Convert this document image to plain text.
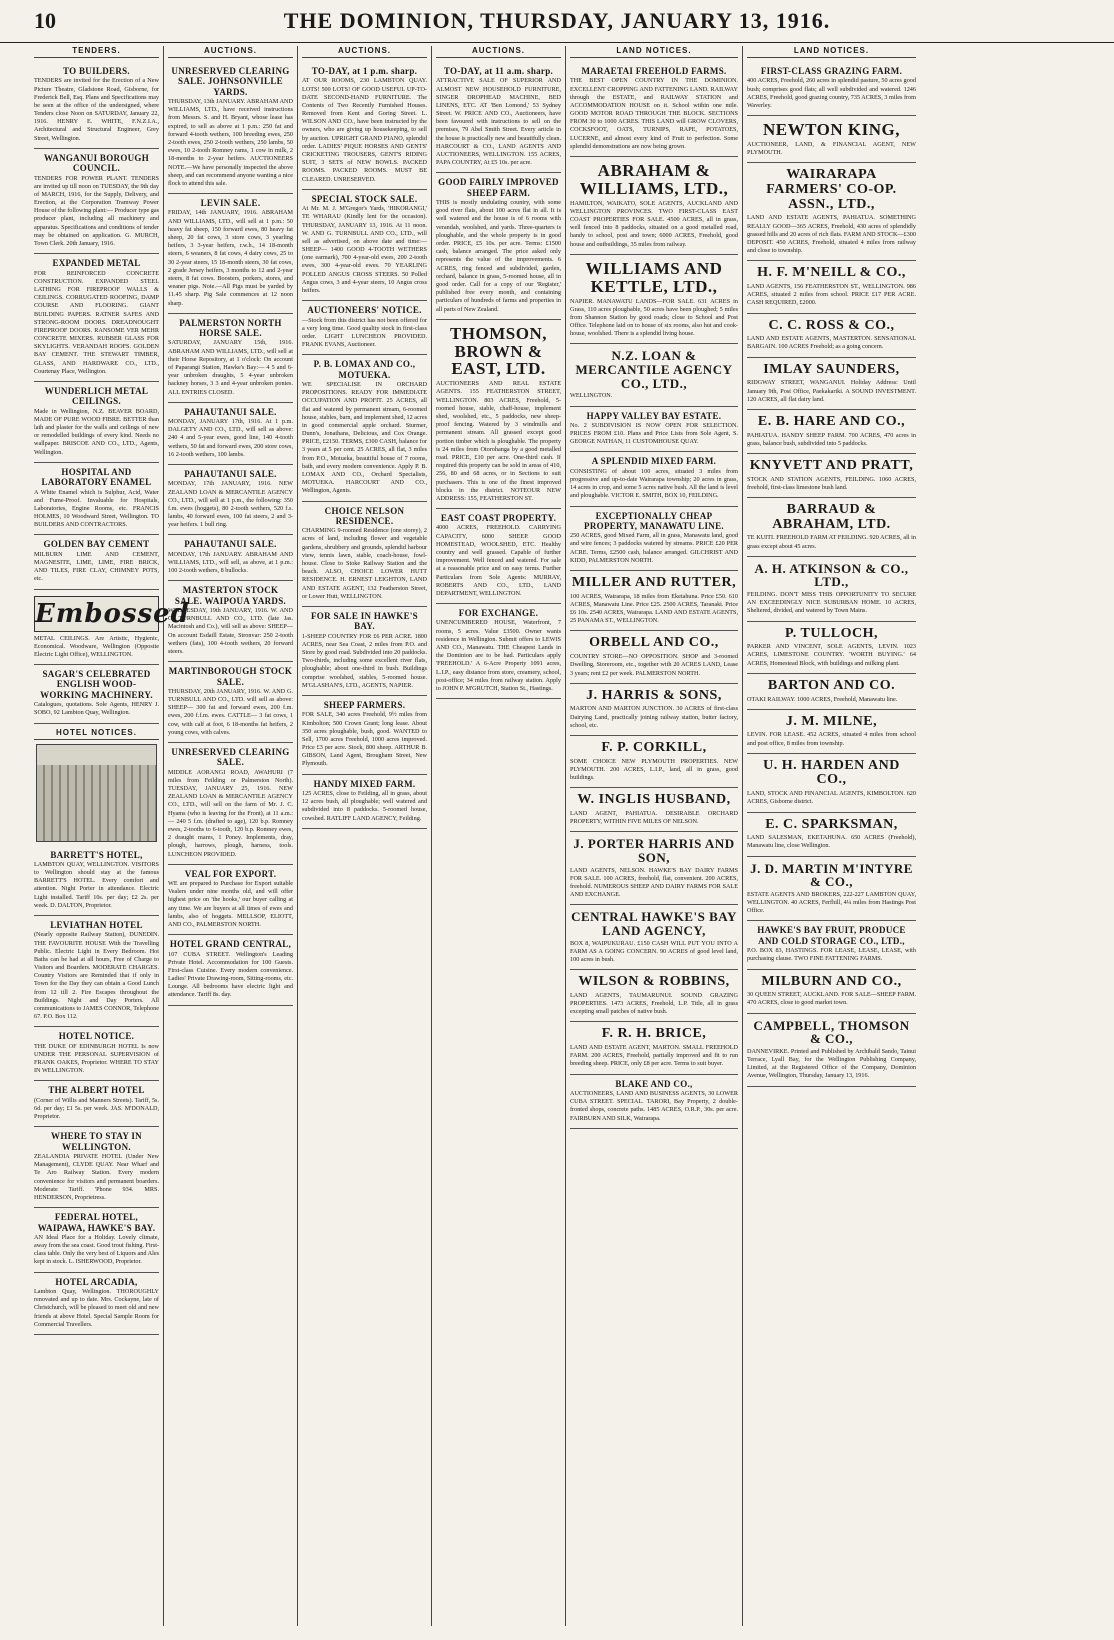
10	THE DOMINION, THURSDAY, JANUARY 13, 1916.
TENDERS.
TO BUILDERS.

TENDERS are invited for the Erection of a New Picture Theatre, Gladstone Road, Gisborne, for Frederick Bell, Esq. Plans and Specifications may be seen at the office of the undersigned, where Tenders close Noon on SATURDAY, January 22, 1916. HENRY E. WHITE, F.N.Z.I.A., Architectural and Structural Engineer, Grey Street, Wellington.

WANGANUI BOROUGH COUNCIL.

TENDERS FOR POWER PLANT. TENDERS are invited up till noon on TUESDAY, the 9th day of MARCH, 1916, for the Supply, Delivery, and Erection, at the Corporation Tramway Power House of the following plant:— Producer type gas producer plant, including all machinery and apparatus. Specifications and conditions of tender may be obtained on application. G. MURCH, Town Clerk. 20th January, 1916.

EXPANDED METAL

FOR REINFORCED CONCRETE CONSTRUCTION. EXPANDED STEEL LATHING FOR FIREPROOF WALLS & CEILINGS. CORRUGATED ROOFING, DAMP COURSE AND FLOORING. GIANT BUILDING PAPERS. RATNER SAFES AND STRONG-ROOM DOORS. DREADNOUGHT FIREPROOF DOORS. RANSOME VER MEHR CONCRETE MIXERS. RUBBER GLASS FOR SKYLIGHTS. VERANDAH ROOFS. GOLDEN BAY CEMENT. THE STEWART TIMBER, GLASS, AND HARDWARE CO., LTD., Courtenay Place, Wellington.

WUNDERLICH METAL CEILINGS.

Made in Wellington, N.Z. BEAVER BOARD, MADE OF PURE WOOD FIBRE. BETTER than lath and plaster for the walls and ceilings of new or remodelled buildings of every kind. Needs no wallpaper. BRISCOE AND CO., LTD., Agents, Wellington.

HOSPITAL AND LABORATORY ENAMEL

A White Enamel which is Sulphur, Acid, Water and Fume-Proof. Invaluable for Hospitals, Laboratories, Engine Rooms, etc. FRANCIS HOLMES, 10 Woodward Street, Wellington. TO BUILDERS AND CONTRACTORS.

GOLDEN BAY CEMENT

MILBURN LIME AND CEMENT, MAGNESITE, LIME, LIME, FIRE BRICK, AND TILES, FIRE CLAY, CHIMNEY POTS, etc.

Embossed

METAL CEILINGS. Are Artistic, Hygienic, Economical. Woodware, Wellington (Opposite Electric Light Office), WELLINGTON.

SAGAR'S CELEBRATED ENGLISH WOOD-WORKING MACHINERY.

Catalogues, quotations. Sole Agents, HENRY J. SOBO, 92 Lambton Quay, Wellington.

HOTEL NOTICES.
BARRETT'S HOTEL,

LAMBTON QUAY, WELLINGTON. VISITORS to Wellington should stay at the famous BARRETT'S HOTEL. Every comfort and attention. Night Porter in attendance. Electric Light installed. Tariff 10s. per day; £2 2s. per week. D. DALTON, Proprietor.

LEVIATHAN HOTEL

(Nearly opposite Railway Station), DUNEDIN. THE FAVOURITE HOUSE With the Travelling Public. Electric Light in Every Bedroom. Hot Baths can be had at all hours, Free of Charge to Visitors and Boarders. MODERATE CHARGES. Country Visitors are Reminded that if only in Town for the Day they can obtain a Good Lunch from 12 till 2. Fire Escapes throughout the Buildings. Night and Day Porters. All communications to JAMES CONNOR, Telephone 67. P.O. Box 112.

HOTEL NOTICE.

THE DUKE OF EDINBURGH HOTEL Is now UNDER THE PERSONAL SUPERVISION of FRANK OAKES, Proprietor. WHERE TO STAY IN WELLINGTON.

THE ALBERT HOTEL

(Corner of Willis and Manners Streets). Tariff, 5s. 6d. per day; £1 5s. per week. JAS. M'DONALD, Proprietor.

WHERE TO STAY IN WELLINGTON.

ZEALANDIA PRIVATE HOTEL (Under New Management), CLYDE QUAY. Near Wharf and Te Aro Railway Station. Every modern convenience for visitors and permanent boarders. Moderate Tariff. 'Phone 934. MRS. HENDERSON, Proprietress.

FEDERAL HOTEL, WAIPAWA, HAWKE'S BAY.

AN Ideal Place for a Holiday. Lovely climate, away from the sea coast. Good trout fishing. First-class table. Only the very best of Liquors and Ales kept in stock. L. ISHERWOOD, Proprietor.

HOTEL ARCADIA,

Lambton Quay, Wellington. THOROUGHLY renovated and up to date. Mrs. Cockayne, late of Christchurch, will be pleased to meet old and new friends at above Hotel. Special Sample Room for Commercial Travellers.

AUCTIONS.
UNRESERVED CLEARING SALE. JOHNSONVILLE YARDS.

THURSDAY, 13th JANUARY. ABRAHAM AND WILLIAMS, LTD., have received instructions from Messrs. S. and H. Bryant, whose lease has expired, to sell as above at 1 p.m.: 250 fat and forward 4-tooth wethers, 100 breeding ewes, 250 2-tooth ewes, 250 2-tooth wethers, 250 lambs, 50 ewes, 10 2-tooth Romney rams, 1 cow in milk, 2 18-months to 2-year heifers. AUCTIONEERS NOTE.—We have personally inspected the above sheep, and can recommend anyone wanting a nice flock to attend this sale.

LEVIN SALE.

FRIDAY, 14th JANUARY, 1916. ABRAHAM AND WILLIAMS, LTD., will sell at 1 p.m.: 50 heavy fat sheep, 150 forward ewes, 80 heavy fat sheep, 20 fat cows, 3 store cows, 3 yearling heifers, 3 3-year heifers, r.w.h., 14 18-month steers, 6 weaners, 8 fat cows, 4 dairy cows, 25 to 30 2-year steers, 15 18-month steers, 30 fat cows, 2 grade Jersey heifers, 3 months to 12 and 2-year steers, 8 fat cows. Boosters, porkers, stores, and weaner pigs. Note.—All Pigs must be yarded by 11.45 sharp. Pig Sale commences at 12 noon sharp.

PALMERSTON NORTH HORSE SALE.

SATURDAY, JANUARY 15th, 1916. ABRAHAM AND WILLIAMS, LTD., will sell at their Horse Repository, at 1 o'clock: On account of Paparangi Station, Hawke's Bay:— 4 5 and 6-year unbroken draughts, 5 4-year unbroken hackney horses, 3 3 and 4-year unbroken ponies. ALL ENTRIES CLOSED.

PAHAUTANUI SALE.

MONDAY, JANUARY 17th, 1916. At 1 p.m. DALGETY AND CO., LTD., will sell as above: 240 4 and 5-year ewes, good line, 140 4-tooth wethers, 50 fat and forward ewes, 200 store cows, 16 2-tooth wethers, 100 lambs.

PAHAUTANUI SALE.

MONDAY, 17th JANUARY, 1916. NEW ZEALAND LOAN & MERCANTILE AGENCY CO., LTD., will sell at 1 p.m., the following: 350 f.m. ewes (hoggets), 80 2-tooth wethers, 520 f.s. lambs, 40 forward ewes, 100 fat steers, 2 and 3-year heifers. 1 bull ring.

PAHAUTANUI SALE.

MONDAY, 17th JANUARY. ABRAHAM AND WILLIAMS, LTD., will sell, as above, at 1 p.m.: 100 2-tooth wethers, 8 bullocks.

MASTERTON STOCK SALE. WAIPOUA YARDS.

WEDNESDAY, 19th JANUARY, 1916. W. AND G. TURNBULL AND CO., LTD. (late Jas. Macintosh and Co.), will sell as above: SHEEP— On account Esdaill Estate, Stronvar: 250 2-tooth wethers (fats), 100 4-tooth wethers, 20 forward steers.

MARTINBOROUGH STOCK SALE.

THURSDAY, 20th JANUARY, 1916. W. AND G. TURNBULL AND CO., LTD. will sell as above: SHEEP— 300 fat and forward ewes, 200 f.m. ewes, 200 f.f.m. ewes. CATTLE— 3 fat cows, 1 cow, with calf at foot, 6 18-months fat heifers, 2 young cows, with calves.

UNRESERVED CLEARING SALE.

MIDDLE AORANGI ROAD, AWAHURI (7 miles from Feilding or Palmerston North). TUESDAY, JANUARY 25, 1916. NEW ZEALAND LOAN & MERCANTILE AGENCY CO., LTD., will sell on the farm of Mr. J. C. Hyams (who is leaving for the Front), at 11 a.m.:— 240 5 f.m. (drafted to age), 120 b.p. Romney ewes, 2-tooths to 6-tooth, 120 b.p. Romney ewes, 2 draught mares, 1 Poney. Implements, dray, plough, harrows, plough, harness, tools. LUNCHEON PROVIDED.

VEAL FOR EXPORT.

WE are prepared to Purchase for Export suitable Vealers under nine months old, and will offer highest price on 'the hooks,' our buyer calling at any time. We are buyers at all times of ewes and lambs, also of hoggets. MELLSOP, ELIOTT, AND CO., PALMERSTON NORTH.

HOTEL GRAND CENTRAL,

107 CUBA STREET. Wellington's Leading Private Hotel. Accommodation for 100 Guests. First-class Cuisine. Every modern convenience. Ladies' Private Drawing-room, Sitting-rooms, etc. Lounge. All bedrooms have electric light and attendance. Tariff 8s. day.

AUCTIONS.
TO-DAY, at 1 p.m. sharp.

AT OUR ROOMS, 230 LAMBTON QUAY. LOTS! 500 LOTS! OF GOOD USEFUL UP-TO-DATE SECOND-HAND FURNITURE. The Contents of Two Recently Furnished Houses. Removed from Kent and Goring Street. L. WILSON AND CO., have been instructed by the owners, who are giving up housekeeping, to sell by auction. UPRIGHT GRAND PIANO, splendid order. LADIES' PIQUE HORSES AND GENTS' CRICKETING TROUSERS, GENT'S RIDING SUIT, 3 SETS of NEW BOWLS. PACKED ROOMS. PACKED ROOMS. MUST BE CLEARED. UNRESERVED.

SPECIAL STOCK SALE.

At Mr. M. J. M'Gregor's Yards, 'HIKORANGI,' TE WHARAU (Kindly lent for the occasion). THURSDAY, JANUARY 13, 1916. At 11 noon. W. AND G. TURNBULL AND CO., LTD., will sell as advertised, on above date and time:— SHEEP— 1400 GOOD 4-TOOTH WETHERS (one earmark), 700 4-year-old ewes, 200 2-tooth ewes, 300 4-year-old ewes. 70 YEARLING POLLED ANGUS CROSS STEERS. 50 Polled Angus cows, 3 and 4-year steers, 10 Angus cross heifers.

AUCTIONEERS' NOTICE.

—Stock from this district has not been offered for a very long time. Good quality stock in first-class order. LIGHT LUNCHEON PROVIDED. FRANK EVANS, Auctioneer.

P. B. LOMAX AND CO., MOTUEKA.

WE SPECIALISE IN ORCHARD PROPOSITIONS. READY FOR IMMEDIATE OCCUPATION AND PROFIT. 25 ACRES, all flat and watered by permanent stream, 6-roomed house, stables, barn, and implement shed, 12 acres in good commercial apple orchard. Sturmer, Dunn's, Jonathans, Delicious, and Cox Orange. PRICE, £2150. TERMS, £300 CASH, balance for 3 years at 5 per cent. 25 ACRES, all flat, 3 miles from P.O., Motueka, beautiful house of 7 rooms, bath, and every modern convenience. Apply P. B. LOMAX AND CO., Orchard Specialists, MOTUEKA. HARCOURT AND CO., Wellington, Agents.

CHOICE NELSON RESIDENCE.

CHARMING 9-roomed Residence (one storey), 2 acres of land, including flower and vegetable gardens, shrubbery and grounds, splendid harbour view, tennis lawn, stable, coach-house, fowl-house. Close to Stoke Railway Station and the beach. ALSO, CHOICE LOWER HUTT RESIDENCE. H. ERNEST LEIGHTON, LAND AND ESTATE AGENT, 132 Featherston Street, or Lower Hutt, WELLINGTON.

FOR SALE IN HAWKE'S BAY.

1-SHEEP COUNTRY FOR £6 PER ACRE. 1800 ACRES, near Sea Coast, 2 miles from P.O. and Store by good road. Subdivided into 20 paddocks. Two-thirds, including some excellent river flats, ploughable; about one-third in bush. Buildings comprise woolshed, stables, 5-roomed house. M'GLASHAN'S, LTD., AGENTS, NAPIER.

SHEEP FARMERS.

FOR SALE, 340 acres Freehold, 9½ miles from Kimbolton; 500 Crown Grant; long lease. About 350 acres ploughable, bush, good. WANTED to Sell, 1700 acres Freehold, 1000 acres improved. Price £3 per acre. Stock, 800 sheep. ARTHUR B. GIBSON, Land Agent, Brougham Street, New Plymouth.

HANDY MIXED FARM.

125 ACRES, close to Feilding, all in grass, about 12 acres bush, all ploughable; well watered and subdivided into 8 paddocks. 5-roomed house, cowshed. RATLIFF LAND AGENCY, Feilding.

AUCTIONS.
TO-DAY, at 11 a.m. sharp.

ATTRACTIVE SALE OF SUPERIOR AND ALMOST NEW HOUSEHOLD FURNITURE, SINGER DROPHEAD MACHINE, BED LINENS, ETC. AT 'Ben Lomond,' 53 Sydney Street. W. PRICE AND CO., Auctioneers, have been favoured with instructions to sell on the premises, 79 Abel Smith Street. Every article in the house is practically new and beautifully clean. HARCOURT & CO., LAND AGENTS AND AUCTIONEERS, WELLINGTON. 155 ACRES, PAPA COUNTRY, At £5 10s. per acre.

GOOD FAIRLY IMPROVED SHEEP FARM.

THIS is mostly undulating country, with some good river flats, about 100 acres flat in all. It is well watered and the house is of 6 rooms with verandah, woolshed, and yards. Three-quarters is ploughable, and the whole property is in good order. PRICE, £5 10s. per acre. Terms: £1500 cash, balance arranged. The price asked only represents the value of the improvements. 6 ACRES, ring fenced and subdivided, garden, orchard, balance in grass, 5-roomed house, all in good order. Call for a copy of our 'Register,' published free every month, and containing particulars of hundreds of farms and properties in all parts of New Zealand.

THOMSON, BROWN & EAST, LTD.

AUCTIONEERS AND REAL ESTATE AGENTS. 155 FEATHERSTON STREET, WELLINGTON. 803 ACRES, Freehold, 5-roomed house, stable, chaff-house, implement shed, woolshed, etc., 5 paddocks, new sheep-proof fencing. Watered by 3 windmills and permanent stream. All grassed except good portion timber which is ploughable. The property is 24 miles from Otorohanga by a good metalled road. PRICE, £10 per acre. One-third cash. If required this property can be sold in areas of 410, 256, 80 and 68 acres, or in Sections to suit purchasers. This is one of the finest improved blocks in the district. NOTEOUR NEW ADDRESS: 155, FEATHERSTON ST.

EAST COAST PROPERTY.

4000 ACRES, FREEHOLD. CARRYING CAPACITY, 6000 SHEEP. GOOD HOMESTEAD, WOOLSHED, ETC. Healthy country and well grassed. Capable of further improvement. Well fenced and watered. For sale at a reasonable price and on easy terms. Further Particulars from Sole Agents: MURRAY, ROBERTS AND CO., LTD., LAND DEPARTMENT, WELLINGTON.

FOR EXCHANGE.

UNENCUMBERED HOUSE, Waterfront, 7 rooms, 5 acres. Value £3500. Owner wants residence in Wellington. Submit offers to LEWIS AND CO., Manawatu. THE Cheapest Lands in the Dominion are to be had. Particulars apply 'FREEHOLD.' A 6-Acre Property 1091 acres, L.I.P., easy distance from store, creamery, school, post-office; 34 miles from railway station. Apply to JOHN P. M'GRUTCH, Station St., Hastings.

LAND NOTICES.
MARAETAI FREEHOLD FARMS.

THE BEST OPEN COUNTRY IN THE DOMINION. EXCELLENT CROPPING AND FATTENING LAND. RAILWAY through the ESTATE, and RAILWAY STATION and ACCOMMODATION HOUSE on it. School within one mile. GOOD MOTOR ROAD THROUGH THE BLOCK. SECTIONS FROM 30 to 1000 ACRES. THIS LAND will GROW CLOVERS, COCKSFOOT, OATS, TURNIPS, RAPE, POTATOES, LUCERNE, and almost every kind of Fruit to perfection. Some splendid demonstrations are now being grown.

ABRAHAM & WILLIAMS, LTD.,

HAMILTON, WAIKATO, SOLE AGENTS, AUCKLAND AND WELLINGTON PROVINCES. TWO FIRST-CLASS EAST COAST PROPERTIES FOR SALE. 4500 ACRES, all in grass, well fenced into 8 paddocks, situated on a good metalled road, handy to school, post and town; 6000 ACRES, Freehold, good house and outbuildings, 35 miles from railway.

WILLIAMS AND KETTLE, LTD.,

NAPIER. MANAWATU LANDS—FOR SALE. 631 ACRES in Grass, 110 acres ploughable, 50 acres have been ploughed; 5 miles from Shannon Station by good roads; close to School and Post Office. Telephone laid on to house of six rooms, also hut and cook-house, woolshed. There is a splendid living house.

N.Z. LOAN & MERCANTILE AGENCY CO., LTD.,

WELLINGTON.

HAPPY VALLEY BAY ESTATE.

No. 2 SUBDIVISION IS NOW OPEN FOR SELECTION. PRICES FROM £10. Plans and Price Lists from Sole Agent, S. GEORGE NATHAN, 11 CUSTOMHOUSE QUAY.

A SPLENDID MIXED FARM.

CONSISTING of about 100 acres, situated 3 miles from progressive and up-to-date Wairarapa township; 20 acres in grass, 14 acres in crop, and some 5 acres native bush. All the land is level and ploughable. VICTOR E. SMITH, BOX 10, FEILDING.

EXCEPTIONALLY CHEAP PROPERTY, MANAWATU LINE.

250 ACRES, good Mixed Farm, all in grass, Manawatu land, good and wire fences; 3 paddocks watered by streams. PRICE £20 PER ACRE. Terms, £2500 cash, balance arranged. GILCHRIST AND KIDD, PALMERSTON NORTH.

MILLER AND RUTTER,

100 ACRES, Wairarapa, 18 miles from Eketahuna. Price £50. 610 ACRES, Manawatu Line. Price £25. 2500 ACRES, Taranaki. Price £6 10s. 2540 ACRES, Wairarapa. LAND AND ESTATE AGENTS, 25 PANAMA ST., WELLINGTON.

ORBELL AND CO.,

COUNTRY STORE—NO OPPOSITION. SHOP and 3-roomed Dwelling, Storeroom, etc., together with 20 ACRES LAND, Lease 3 years; rent £2 per week. PALMERSTON NORTH.

J. HARRIS & SONS,

MARTON AND MARTON JUNCTION. 30 ACRES of first-class Dairying Land, practically joining railway station, butter factory, school, etc.

F. P. CORKILL,

SOME CHOICE NEW PLYMOUTH PROPERTIES. NEW PLYMOUTH. 200 ACRES, L.I.P., land, all in grass, good buildings.

W. INGLIS HUSBAND,

LAND AGENT, PAHIATUA. DESIRABLE ORCHARD PROPERTY, WITHIN FIVE MILES OF NELSON.

J. PORTER HARRIS AND SON,

LAND AGENTS, NELSON. HAWKE'S BAY DAIRY FARMS FOR SALE. 100 ACRES, freehold, flat, convenient. 200 ACRES, freehold. NUMEROUS SHEEP AND DAIRY FARMS FOR SALE AND EXCHANGE.

CENTRAL HAWKE'S BAY LAND AGENCY,

BOX 8, WAIPUKURAU. £150 CASH WILL PUT YOU INTO A FARM AS A GOING CONCERN. 90 ACRES of good level land, 100 acres in bush.

WILSON & ROBBINS,

LAND AGENTS, TAUMARUNUI. SOUND GRAZING PROPERTIES. 1473 ACRES, Freehold, L.P. Title, all in grass excepting small patches of native bush.

F. R. H. BRICE,

LAND AND ESTATE AGENT, MARTON. SMALL FREEHOLD FARM. 200 ACRES, Freehold, partially improved and fit to run breeding sheep. PRICE, only £8 per acre. Terms to suit buyer.

BLAKE AND CO.,

AUCTIONEERS, LAND AND BUSINESS AGENTS, 30 LOWER CUBA STREET. SPECIAL. TARORI, Bay Property, 2 double-fronted shops, concrete paths. 1485 ACRES, O.R.P., 30s. per acre. FAIRBURN AND SILK, Wairarapa.

LAND NOTICES.
FIRST-CLASS GRAZING FARM.

400 ACRES, Freehold, 260 acres in splendid pasture, 50 acres good bush; comprises good flats; all well subdivided and watered. 1246 ACRES, Freehold, good grazing country, 735 ACRES, 3 miles from Waverley.

NEWTON KING,

AUCTIONEER, LAND, & FINANCIAL AGENT, NEW PLYMOUTH.

WAIRARAPA FARMERS' CO-OP. ASSN., LTD.,

LAND AND ESTATE AGENTS, PAHIATUA. SOMETHING REALLY GOOD—365 ACRES, Freehold, 430 acres of splendidly grassed hills and 20 acres of rich flats. FARM AND STOCK—£300 DEPOSIT. 450 ACRES, Freehold, situated 4 miles from railway and close to township.

H. F. M'NEILL & CO.,

LAND AGENTS, 156 FEATHERSTON ST., WELLINGTON. 986 ACRES, situated 2 miles from school. PRICE £17 PER ACRE. CASH REQUIRED, £2000.

C. C. ROSS & CO.,

LAND AND ESTATE AGENTS, MASTERTON. SENSATIONAL BARGAIN. 100 ACRES Freehold; as a going concern.

IMLAY SAUNDERS,

RIDGWAY STREET, WANGANUI. Holiday Address: Until January 9th, Post Office, Paekakariki. A SOUND INVESTMENT. 120 ACRES, all flat dairy land.

E. B. HARE AND CO.,

PAHIATUA. HANDY SHEEP FARM. 700 ACRES, 470 acres in grass, balance bush, subdivided into 5 paddocks.

KNYVETT AND PRATT,

STOCK AND STATION AGENTS, FEILDING. 1060 ACRES, freehold, first-class limestone bush land.

BARRAUD & ABRAHAM, LTD.

TE KUITI. FREEHOLD FARM AT FEILDING. 920 ACRES, all in grass except about 45 acres.

A. H. ATKINSON & CO., LTD.,

FEILDING. DON'T MISS THIS OPPORTUNITY TO SECURE AN EXCEEDINGLY NICE SUBURBAN HOME. 10 ACRES, Sheltered, divided, and watered by Town Mains.

P. TULLOCH,

PARKER AND VINCENT, SOLE AGENTS, LEVIN. 1023 ACRES, LIMESTONE COUNTRY. 'WORTH BUYING.' 64 ACRES, Homestead Block, with buildings and milking plant.

BARTON AND CO.

OTAKI RAILWAY. 1000 ACRES, Freehold, Manawatu line.

J. M. MILNE,

LEVIN. FOR LEASE. 452 ACRES, situated 4 miles from school and post office, 8 miles from township.

U. H. HARDEN AND CO.,

LAND, STOCK AND FINANCIAL AGENTS, KIMBOLTON. 620 ACRES, Gisborne district.

E. C. SPARKSMAN,

LAND SALESMAN, EKETAHUNA. 650 ACRES (Freehold), Manawatu line, close Wellington.

J. D. MARTIN M'INTYRE & CO.,

ESTATE AGENTS AND BROKERS, 222-227 LAMBTON QUAY, WELLINGTON. 40 ACRES, Ferfhill, 4¼ miles from Hastings Post Office.

HAWKE'S BAY FRUIT, PRODUCE AND COLD STORAGE CO., LTD.,

P.O. BOX 83, HASTINGS. FOR LEASE, LEASE, LEASE, with purchasing clause. TWO FINE FATTENING FARMS.

MILBURN AND CO.,

30 QUEEN STREET, AUCKLAND. FOR SALE—SHEEP FARM. 470 ACRES, close to good market town.

CAMPBELL, THOMSON & CO.,

DANNEVIRKE. Printed and Published by Archibald Sando, Tainui Terrace, Lyall Bay, for the Wellington Publishing Company, Limited, at the Registered Office of the Company, Dominion Avenue, Wellington, Thursday, January 13, 1916.
